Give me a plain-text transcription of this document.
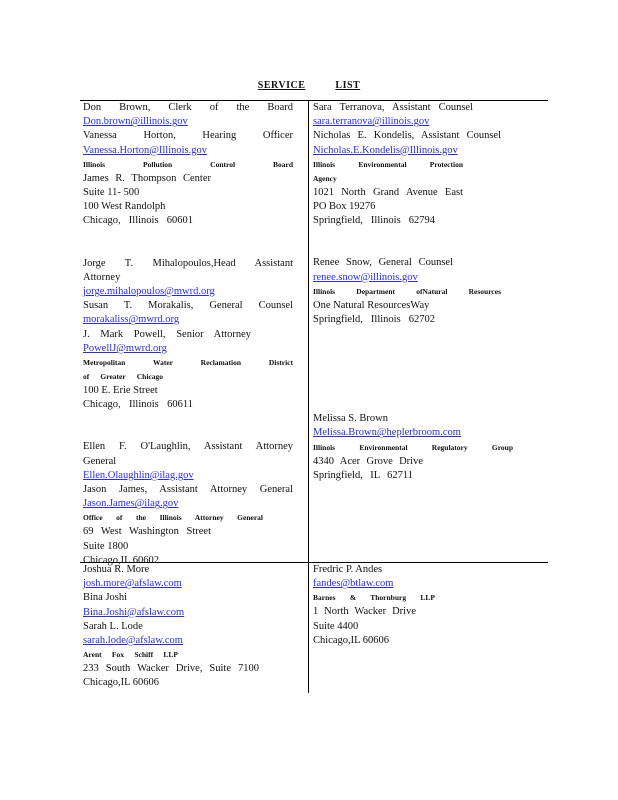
SERVICE	LIST

Don Brown, Clerk of the Board

Don.brown@illinois.gov

Vanessa Horton, Hearing Officer

Vanessa.Horton@Illinois.gov

Illinois Pollution Control Board

James R. Thompson Center

Suite 11- 500

100 West Randolph

Chicago, Illinois 60601

Jorge T. Mihalopoulos,Head Assistant

Attorney

jorge.mihalopoulos@mwrd.org

Susan T. Morakalis, General Counsel

morakaliss@mwrd.org

J. Mark Powell, Senior Attorney

PowellJ@mwrd.org

Metropolitan Water Reclamation District

of Greater Chicago

100 E. Erie Street

Chicago, Illinois 60611

Ellen F. O'Laughlin, Assistant Attorney

General

Ellen.Olaughlin@ilag.gov

Jason James, Assistant Attorney General

Jason.James@ilag.gov

Office of the Illinois Attorney General

69 West Washington Street

Suite 1800

Chicago,IL 60602

Sara Terranova, Assistant Counsel

sara.terranova@illinois.gov

Nicholas E. Kondelis, Assistant Counsel

Nicholas.E.Kondelis@Illinois.gov

Illinois Environmental Protection

Agency

1021 North Grand Avenue East

PO Box 19276

Springfield, Illinois 62794

Renee Snow, General Counsel

renee.snow@illinois.gov

Illinois Department ofNatural Resources

One Natural ResourcesWay

Springfield, Illinois 62702

Melissa S. Brown

Melissa.Brown@heplerbroom.com

Illinois Environmental Regulatory Group

4340 Acer Grove Drive

Springfield, IL 62711

Joshua R. More

josh.more@afslaw.com

Bina Joshi

Bina.Joshi@afslaw.com

Sarah L. Lode

sarah.lode@afslaw.com

Arent Fox Schiff LLP

233 South Wacker Drive, Suite 7100

Chicago,IL 60606

Fredric P. Andes

fandes@btlaw.com

Barnes & Thornburg LLP

1 North Wacker Drive

Suite 4400

Chicago,IL 60606
